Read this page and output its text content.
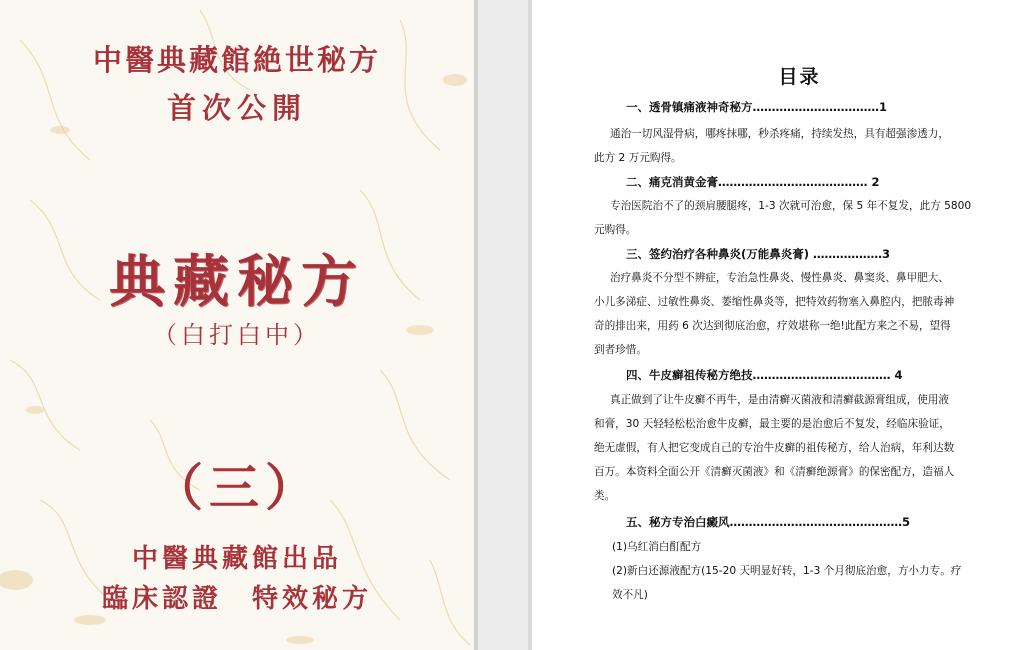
中醫典藏館絶世秘方
首次公開
典藏秘方
（白打白中）
（三）
中醫典藏館出品
臨床認證　特效秘方
目录
一、透骨镇痛液神奇秘方……………………………1
通治一切风湿骨病，哪疼抹哪，秒杀疼痛，持续发热，具有超强渗透力，
此方 2 万元购得。
二、痛克消黄金膏………………………………… 2
专治医院治不了的颈肩腰腿疼，1-3 次就可治愈，保 5 年不复发，此方 5800
元购得。
三、签约治疗各种鼻炎(万能鼻炎膏) ………………3
治疗鼻炎不分型不辨症，专治急性鼻炎、慢性鼻炎、鼻窦炎、鼻甲肥大、
小儿多涕症、过敏性鼻炎、萎缩性鼻炎等，把特效药物塞入鼻腔内，把脓毒神
奇的排出来，用药 6 次达到彻底治愈，疗效堪称一绝!此配方来之不易，望得
到者珍惜。
四、牛皮癣祖传秘方绝技……………………………… 4
真正做到了让牛皮癣不再牛，是由清癣灭菌液和清癣截源膏组成，使用液
和膏，30 天轻轻松松治愈牛皮癣，最主要的是治愈后不复发，经临床验证，
绝无虚假，有人把它变成自己的专治牛皮癣的祖传秘方，给人治病，年利达数
百万。本资料全面公开《清癣灭菌液》和《清癣绝源膏》的保密配方，造福人
类。
五、秘方专治白癜风………………………………………5
(1)乌红消白酊配方
(2)新白还源液配方(15-20 天明显好转，1-3 个月彻底治愈，方小力专。疗
效不凡)
